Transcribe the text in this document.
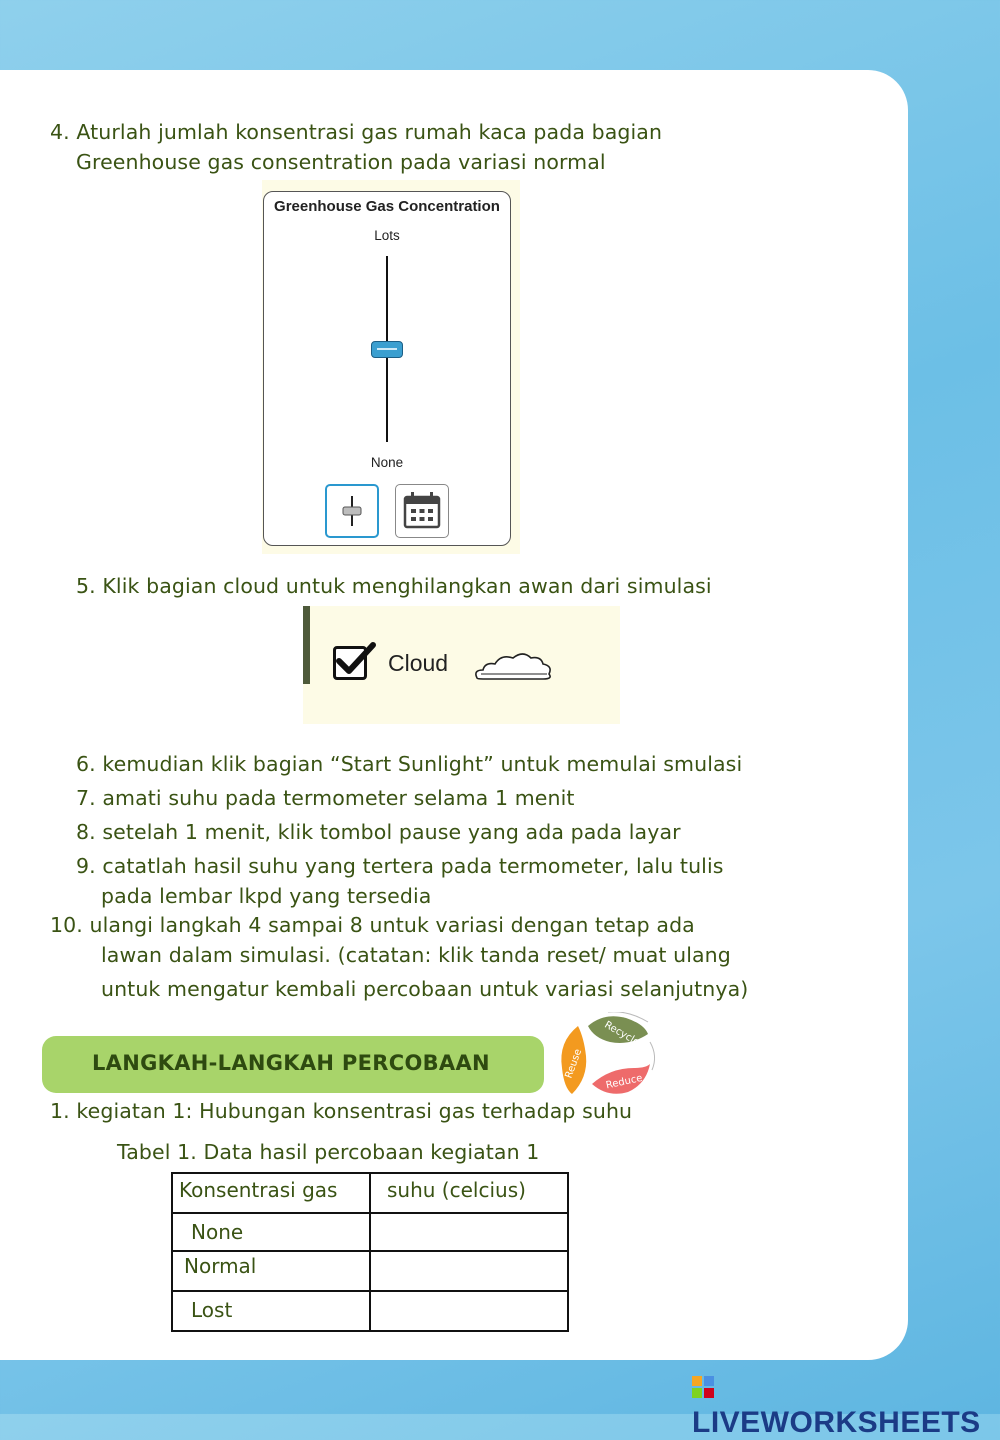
4. Aturlah jumlah konsentrasi gas rumah kaca pada bagian
Greenhouse gas consentration pada variasi normal
Greenhouse Gas Concentration
Lots
None
5. Klik bagian cloud untuk menghilangkan awan dari simulasi
Cloud
6. kemudian klik bagian “Start Sunlight” untuk memulai smulasi
7. amati suhu pada termometer selama 1 menit
8. setelah 1 menit, klik tombol pause yang ada pada layar
9. catatlah hasil suhu yang tertera pada termometer, lalu tulis
pada lembar lkpd yang tersedia
10. ulangi langkah 4 sampai 8 untuk variasi dengan tetap ada
lawan dalam simulasi. (catatan: klik tanda reset/ muat ulang
untuk mengatur kembali percobaan untuk variasi selanjutnya)
LANGKAH-LANGKAH PERCOBAAN	Reuse
Recycle
Reduce
1. kegiatan 1: Hubungan konsentrasi gas terhadap suhu
Tabel 1. Data hasil percobaan kegiatan 1
Konsentrasi gas	suhu (celcius)

None	

Normal	

Lost	

LIVEWORKSHEETS
